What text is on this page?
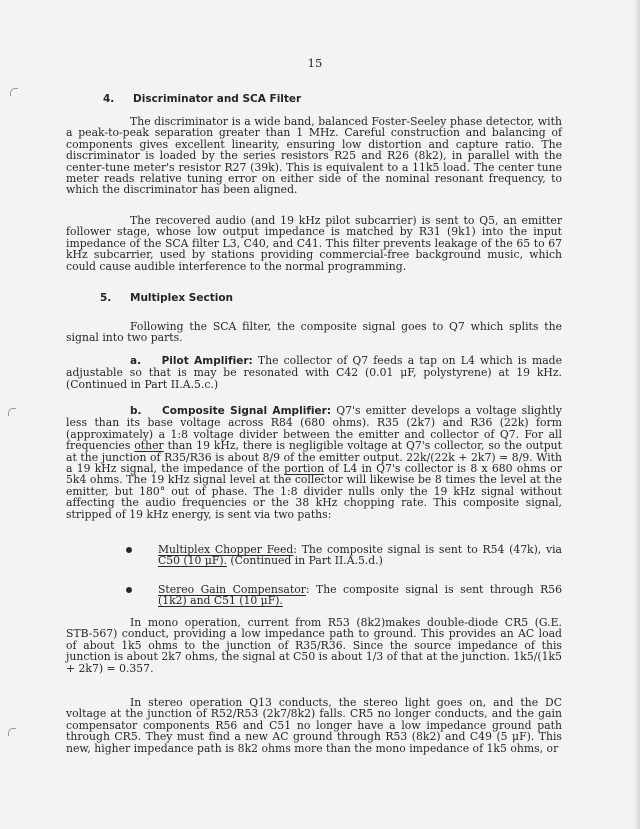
15
4. Discriminator and SCA Filter

The discriminator is a wide band, balanced Foster-Seeley phase detector, with a peak-to-peak separation greater than 1 MHz. Careful construction and balancing of components gives excellent linearity, ensuring low distortion and capture ratio. The discriminator is loaded by the series resistors R25 and R26 (8k2), in parallel with the center-tune meter's resistor R27 (39k). This is equivalent to a 11k5 load. The center tune meter reads relative tuning error on either side of the nominal resonant frequency, to which the discriminator has been aligned.

The recovered audio (and 19 kHz pilot subcarrier) is sent to Q5, an emitter follower stage, whose low output impedance is matched by R31 (9k1) into the input impedance of the SCA filter L3, C40, and C41. This filter prevents leakage of the 65 to 67 kHz subcarrier, used by stations providing commercial-free background music, which could cause audible interference to the normal programming.

5. Multiplex Section

Following the SCA filter, the composite signal goes to Q7 which splits the signal into two parts.

a. Pilot Amplifier: The collector of Q7 feeds a tap on L4 which is made adjustable so that is may be resonated with C42 (0.01 μF, polystyrene) at 19 kHz. (Continued in Part II.A.5.c.)

b. Composite Signal Amplifier: Q7's emitter develops a voltage slightly less than its base voltage across R84 (680 ohms). R35 (2k7) and R36 (22k) form (approximately) a 1:8 voltage divider between the emitter and collector of Q7. For all frequencies other than 19 kHz, there is negligible voltage at Q7's collector, so the output at the junction of R35/R36 is about 8/9 of the emitter output. 22k/(22k + 2k7) = 8/9. With a 19 kHz signal, the impedance of the portion of L4 in Q7's collector is 8 x 680 ohms or 5k4 ohms. The 19 kHz signal level at the collector will likewise be 8 times the level at the emitter, but 180° out of phase. The 1:8 divider nulls only the 19 kHz signal without affecting the audio frequencies or the 38 kHz chopping rate. This composite signal, stripped of 19 kHz energy, is sent via two paths:

Multiplex Chopper Feed: The composite signal is sent to R54 (47k), via C50 (10 μF). (Continued in Part II.A.5.d.)

Stereo Gain Compensator: The composite signal is sent through R56 (1k2) and C51 (10 μF).

In mono operation, current from R53 (8k2)makes double-diode CR5 (G.E. STB-567) conduct, providing a low impedance path to ground. This provides an AC load of about 1k5 ohms to the junction of R35/R36. Since the source impedance of this junction is about 2k7 ohms, the signal at C50 is about 1/3 of that at the junction. 1k5/(1k5 + 2k7) = 0.357.

In stereo operation Q13 conducts, the stereo light goes on, and the DC voltage at the junction of R52/R53 (2k7/8k2) falls. CR5 no longer conducts, and the gain compensator components R56 and C51 no longer have a low impedance ground path through CR5. They must find a new AC ground through R53 (8k2) and C49 (5 μF). This new, higher impedance path is 8k2 ohms more than the mono impedance of 1k5 ohms, or
